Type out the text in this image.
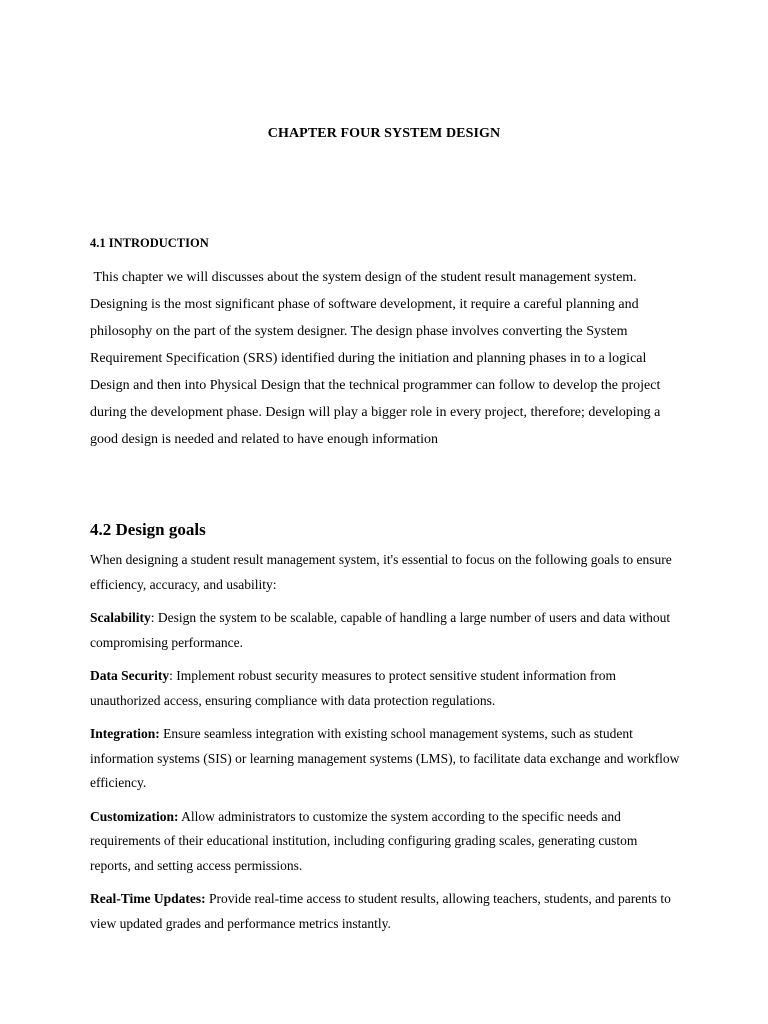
CHAPTER FOUR SYSTEM DESIGN
4.1 INTRODUCTION
This chapter we will discusses about the system design of the student result management system. Designing is the most significant phase of software development, it require a careful planning and philosophy on the part of the system designer. The design phase involves converting the System Requirement Specification (SRS) identified during the initiation and planning phases in to a logical Design and then into Physical Design that the technical programmer can follow to develop the project during the development phase. Design will play a bigger role in every project, therefore; developing a good design is needed and related to have enough information
4.2 Design goals

When designing a student result management system, it's essential to focus on the following goals to ensure efficiency, accuracy, and usability:

Scalability: Design the system to be scalable, capable of handling a large number of users and data without compromising performance.

Data Security: Implement robust security measures to protect sensitive student information from unauthorized access, ensuring compliance with data protection regulations.

Integration: Ensure seamless integration with existing school management systems, such as student information systems (SIS) or learning management systems (LMS), to facilitate data exchange and workflow efficiency.

Customization: Allow administrators to customize the system according to the specific needs and requirements of their educational institution, including configuring grading scales, generating custom reports, and setting access permissions.

Real-Time Updates: Provide real-time access to student results, allowing teachers, students, and parents to view updated grades and performance metrics instantly.
